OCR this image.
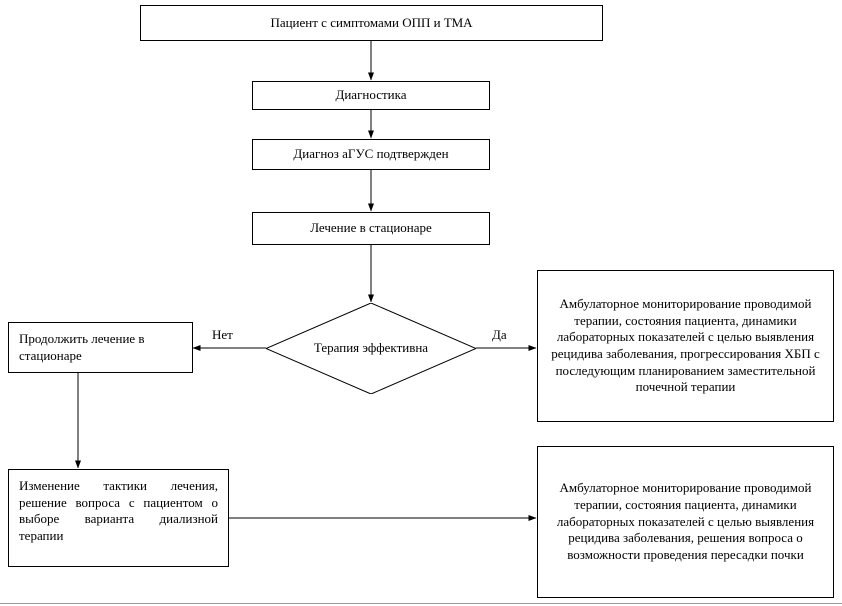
Пациент с симптомами ОПП и ТМА
Диагностика
Диагноз аГУС подтвержден
Лечение в стационаре
Терапия эффективна
Нет	Да
Продолжить лечение в стационаре
Изменение тактики лечения, решение вопроса с пациентом о выборе варианта диализной терапии
Амбулаторное мониторирование проводимой терапии, состояния пациента, динамики лабораторных показателей с целью выявления рецидива заболевания, прогрессирования ХБП с последующим планированием заместительной почечной терапии
Амбулаторное мониторирование проводимой терапии, состояния пациента, динамики лабораторных показателей с целью выявления рецидива заболевания, решения вопроса о возможности проведения пересадки почки
